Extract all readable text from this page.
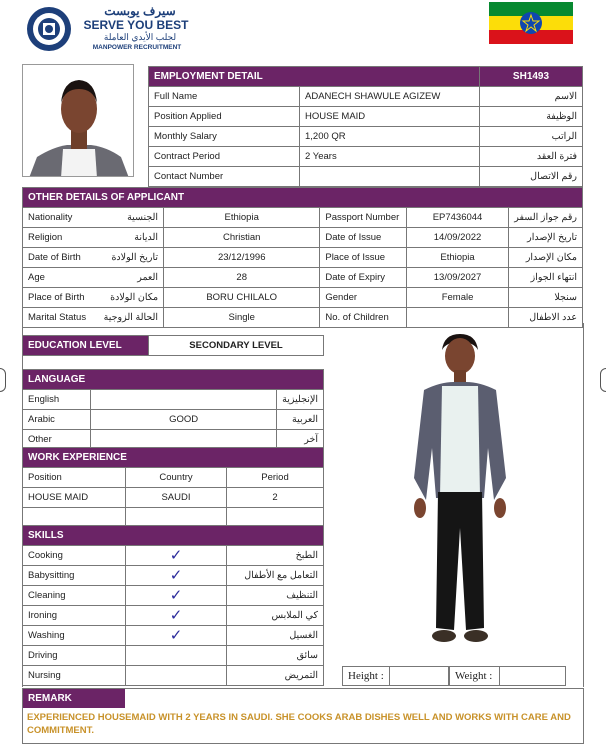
سيرف يوبست
SERVE YOU BEST
لجلب الأيدي العاملة
MANPOWER RECRUITMENT
EMPLOYMENT DETAIL		SH1493
Full Name	ADANECH SHAWULE AGIZEW	الاسم
Position Applied	HOUSE MAID	الوظيفة
Monthly Salary	1,200 QR	الراتب
Contract Period	2 Years	فترة العقد
Contact Number		رقم الاتصال
OTHER DETAILS OF APPLICANT					
Nationality	الجنسية	Ethiopia	Passport Number	EP7436044	رقم جواز السفر
Religion	الديانة	Christian	Date of Issue	14/09/2022	تاريخ الإصدار
Date of Birth	تاريخ الولادة	23/12/1996	Place of Issue	Ethiopia	مكان الإصدار
Age	العمر	28	Date of Expiry	13/09/2027	انتهاء الجواز
Place of Birth	مكان الولادة	BORU CHILALO	Gender	Female	سنجلا
Marital Status	الحالة الزوجية	Single	No. of Children		عدد الاطفال
EDUCATION LEVEL	SECONDARY LEVEL
LANGUAGE		
English		الإنجليزية
Arabic	GOOD	العربية
Other		آخر
WORK EXPERIENCE		
Position	Country	Period
HOUSE MAID	SAUDI	2

SKILLS		
Cooking	✓	الطبخ
Babysitting	✓	التعامل مع الأطفال
Cleaning	✓	التنظيف
Ironing	✓	كي الملابس
Washing	✓	الغسيل
Driving		سائق
Nursing		التمريض	Height :	Weight :
REMARK
EXPERIENCED HOUSEMAID WITH 2 YEARS IN SAUDI. SHE COOKS ARAB DISHES WELL AND WORKS WITH CARE AND COMMITMENT.
